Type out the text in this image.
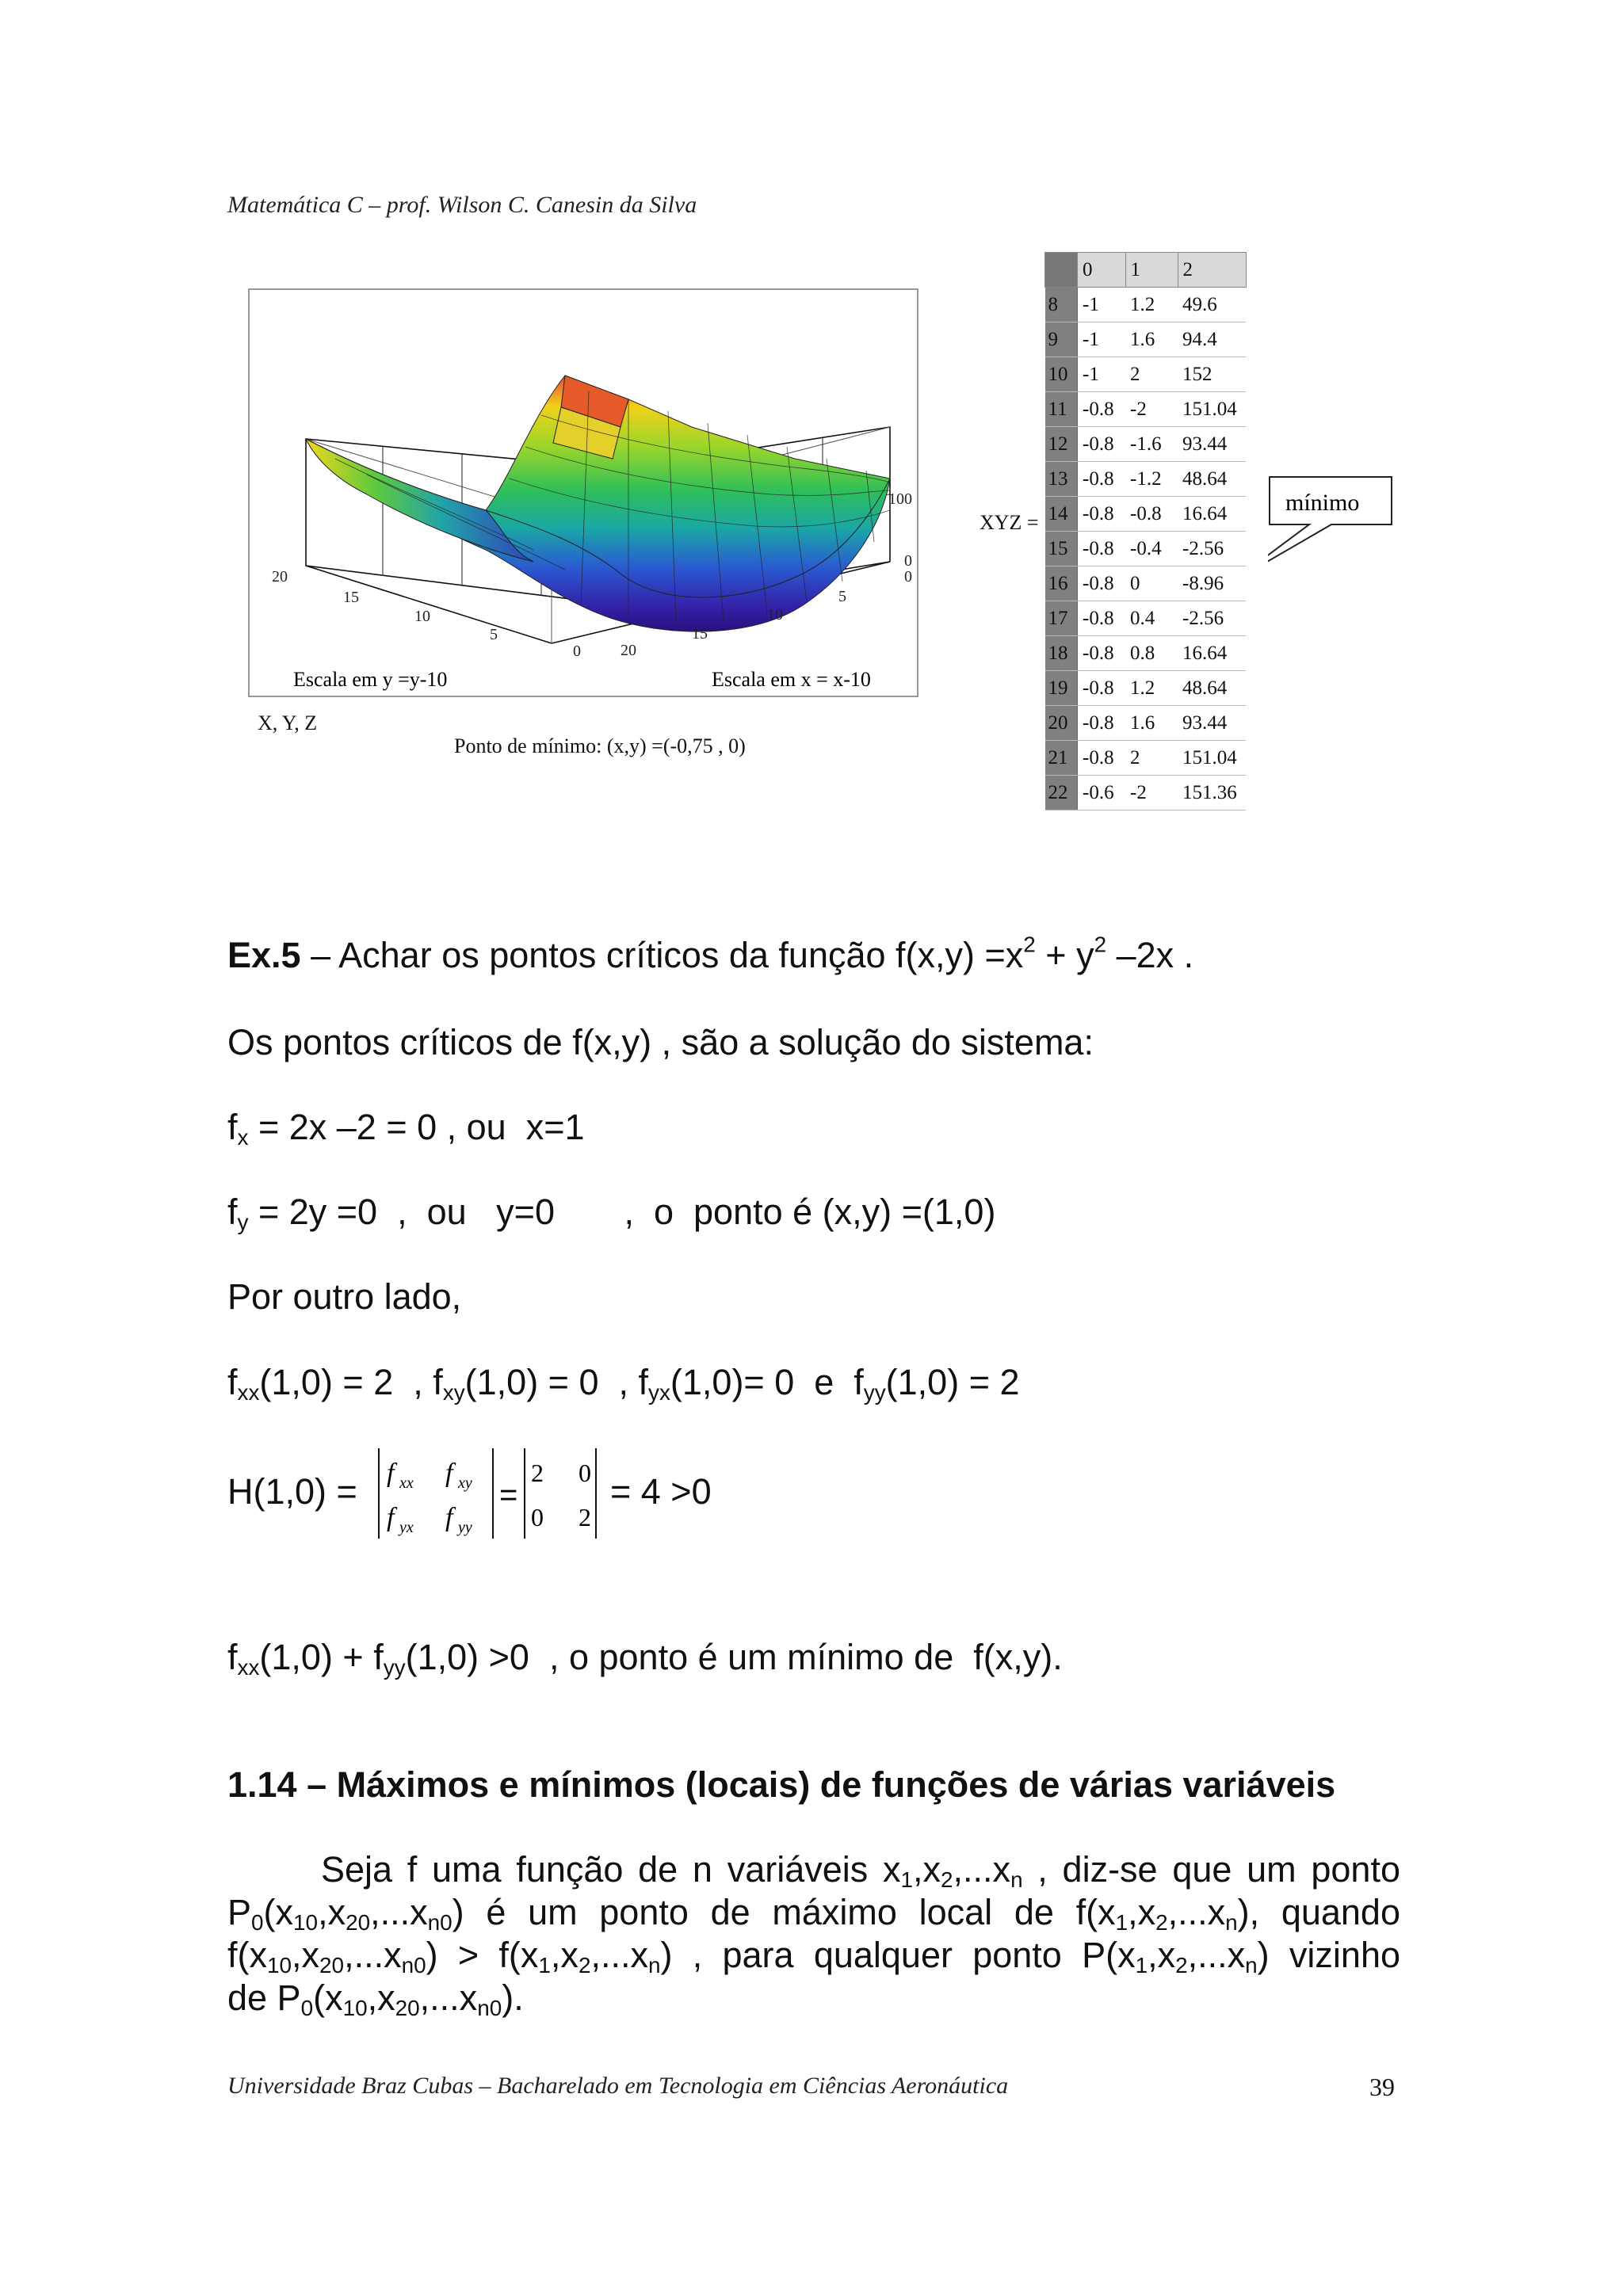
Matemática C – prof. Wilson C. Canesin da Silva
100
0
0
20
15
10
5
0	20
15
10
5
Escala em y =y-10	Escala em x = x-10
X, Y, Z
Ponto de mínimo: (x,y) =(-0,75 , 0)
XYZ =
	0	1	2
8	-1	1.2	49.6
9	-1	1.6	94.4
10	-1	2	152
11	-0.8	-2	151.04
12	-0.8	-1.6	93.44
13	-0.8	-1.2	48.64
14	-0.8	-0.8	16.64
15	-0.8	-0.4	-2.56
16	-0.8	0	-8.96
17	-0.8	0.4	-2.56
18	-0.8	0.8	16.64
19	-0.8	1.2	48.64
20	-0.8	1.6	93.44
21	-0.8	2	151.04
22	-0.6	-2	151.36
mínimo
Ex.5 – Achar os pontos críticos da função $f(x,y) =x^2 + y^2$ –2x .
Os pontos críticos de f(x,y) , são a solução do sistema:
$f_x = 2x$ –2 = 0 , ou  x=1
$f_y = 2y =0$  ,  ou   y=0       ,  o  ponto é (x,y) =(1,0)
Por outro lado,
$f_{xx}(1,0) = 2$  , $f_{xy}(1,0) = 0$  , $f_{yx}(1,0)= 0$  e  $f_{yy}(1,0) = 2$
H(1,0) = f xx f xy
f yx f yy
=
2 0
0 2
= 4 >0
$f_{xx}(1,0) + f_{yy}(1,0) >0$  , o ponto é um mínimo de  f(x,y).
1.14 – Máximos e mínimos (locais) de funções de várias variáveis
Seja f uma função de n variáveis $x_1,x_2,...x_n$ , diz-se que um ponto
$P_0(x_{10},x_{20},...x_{n0})$ é um ponto de máximo local de $f(x_1,x_2,...x_n)$, quando
$f(x_{10},x_{20},...x_{n0}) > f(x_1,x_2,...x_n)$ , para qualquer ponto $P(x_1,x_2,...x_n)$ vizinho
de $P_0(x_{10},x_{20},...x_{n0})$.
Universidade Braz Cubas – Bacharelado em Tecnologia em Ciências Aeronáutica	39
